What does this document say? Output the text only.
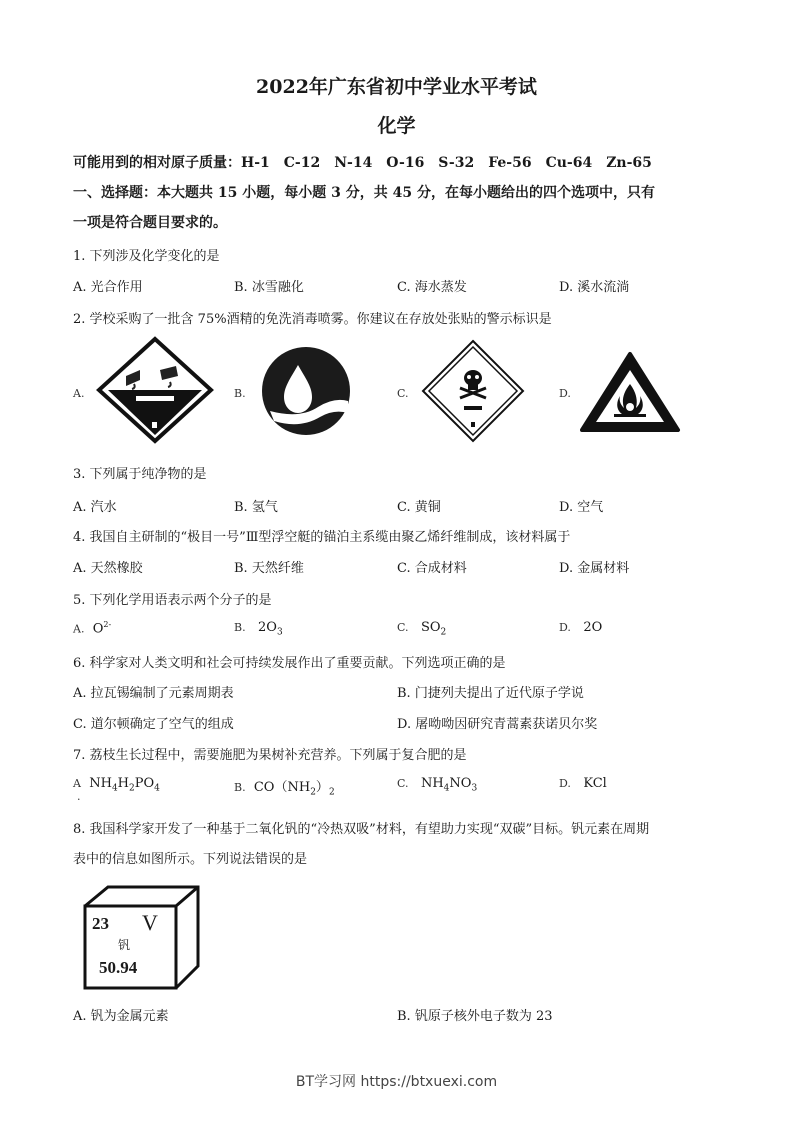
2022年广东省初中学业水平考试
化学
可能用到的相对原子质量：H-1　C-12　N-14　O-16　S-32　Fe-56　Cu-64　Zn-65
一、选择题：本大题共 15 小题，每小题 3 分，共 45 分，在每小题给出的四个选项中，只有
一项是符合题目要求的。
1. 下列涉及化学变化的是
A. 光合作用	B. 冰雪融化	C. 海水蒸发	D. 溪水流淌
2. 学校采购了一批含 75%酒精的免洗消毒喷雾。你建议在存放处张贴的警示标识是
A.	B.	C.	D.
3. 下列属于纯净物的是
A. 汽水	B. 氢气	C. 黄铜	D. 空气
4. 我国自主研制的“极目一号”Ⅲ型浮空艇的锚泊主系缆由聚乙烯纤维制成，该材料属于
A. 天然橡胶	B. 天然纤维	C. 合成材料	D. 金属材料
5. 下列化学用语表示两个分子的是
A. $O^{2-}$	B. $2O_3$	C. $SO_2$	D. 2O
6. 科学家对人类文明和社会可持续发展作出了重要贡献。下列选项正确的是
A. 拉瓦锡编制了元素周期表	B. 门捷列夫提出了近代原子学说
C. 道尔顿确定了空气的组成	D. 屠呦呦因研究青蒿素获诺贝尔奖
7. 荔枝生长过程中，需要施肥为果树补充营养。下列属于复合肥的是
A $NH_4H_2PO_4$
.
B. $CO(NH_2)_2$
C. $NH_4NO_3$	D. KCl
8. 我国科学家开发了一种基于二氧化钒的“冷热双吸”材料，有望助力实现“双碳”目标。钒元素在周期
表中的信息如图所示。下列说法错误的是
23 V
钒
50.94
A. 钒为金属元素	B. 钒原子核外电子数为 23
BT学习网 https://btxuexi.com
